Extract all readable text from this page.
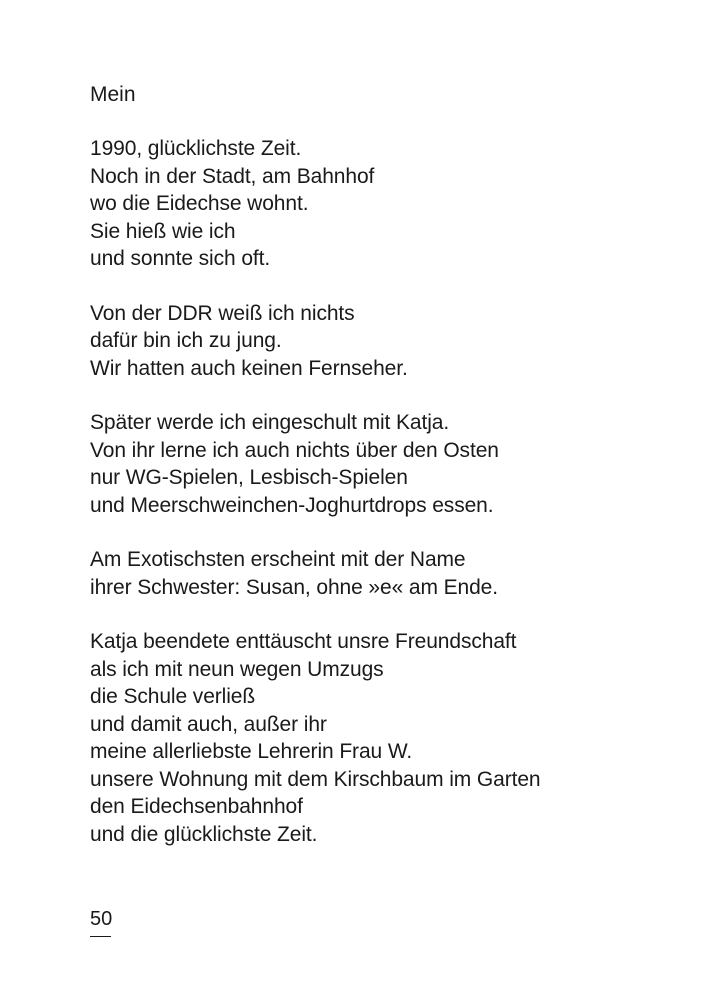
Mein
1990, glücklichste Zeit.
Noch in der Stadt, am Bahnhof
wo die Eidechse wohnt.
Sie hieß wie ich
und sonnte sich oft.
Von der DDR weiß ich nichts
dafür bin ich zu jung.
Wir hatten auch keinen Fernseher.
Später werde ich eingeschult mit Katja.
Von ihr lerne ich auch nichts über den Osten
nur WG-Spielen, Lesbisch-Spielen
und Meerschweinchen-Joghurtdrops essen.
Am Exotischsten erscheint mit der Name
ihrer Schwester: Susan, ohne »e« am Ende.
Katja beendete enttäuscht unsre Freundschaft
als ich mit neun wegen Umzugs
die Schule verließ
und damit auch, außer ihr
meine allerliebste Lehrerin Frau W.
unsere Wohnung mit dem Kirschbaum im Garten
den Eidechsenbahnhof
und die glücklichste Zeit.
50
